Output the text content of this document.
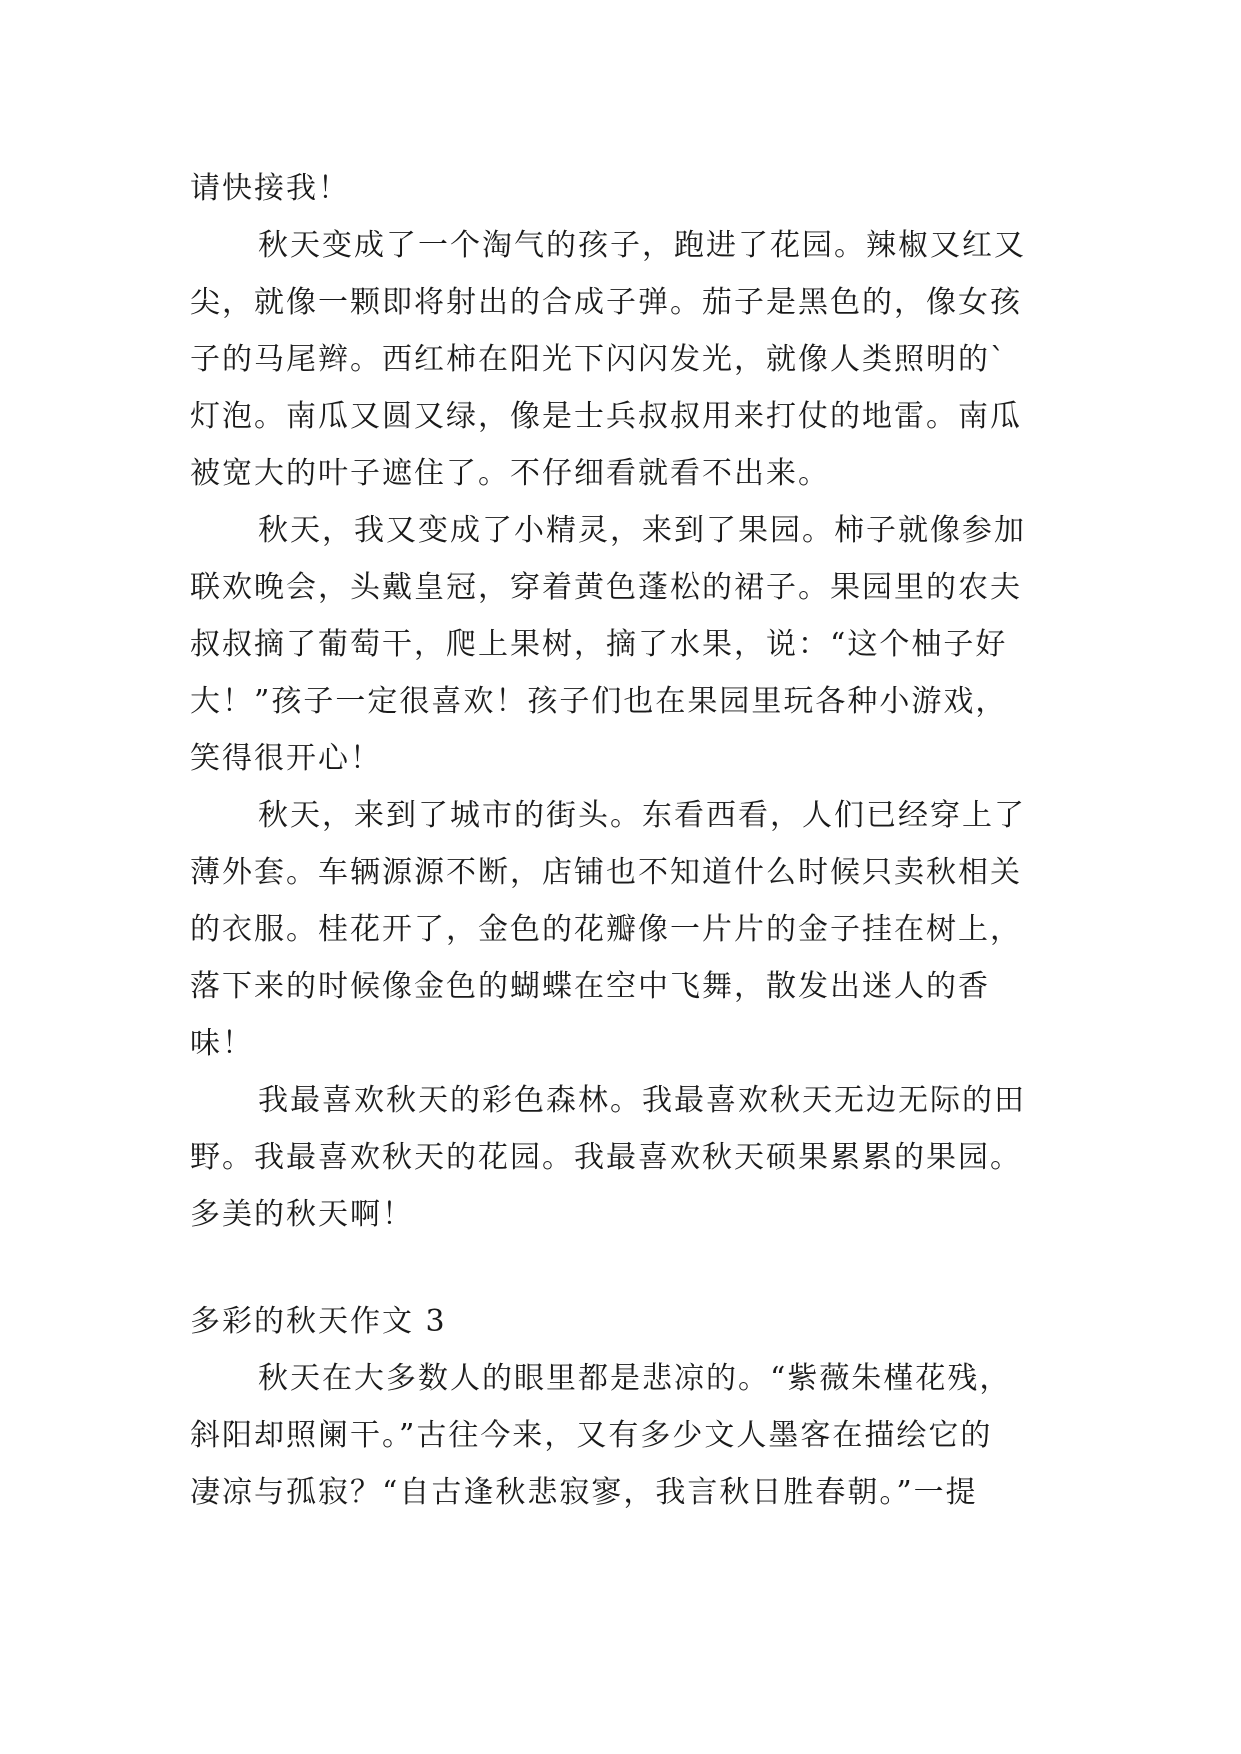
请快接我！
秋天变成了一个淘气的孩子，跑进了花园。辣椒又红又
尖，就像一颗即将射出的合成子弹。茄子是黑色的，像女孩
子的马尾辫。西红柿在阳光下闪闪发光，就像人类照明的`
灯泡。南瓜又圆又绿，像是士兵叔叔用来打仗的地雷。南瓜
被宽大的叶子遮住了。不仔细看就看不出来。
秋天，我又变成了小精灵，来到了果园。柿子就像参加
联欢晚会，头戴皇冠，穿着黄色蓬松的裙子。果园里的农夫
叔叔摘了葡萄干，爬上果树，摘了水果，说：“这个柚子好
大！”孩子一定很喜欢！孩子们也在果园里玩各种小游戏，
笑得很开心！
秋天，来到了城市的街头。东看西看，人们已经穿上了
薄外套。车辆源源不断，店铺也不知道什么时候只卖秋相关
的衣服。桂花开了，金色的花瓣像一片片的金子挂在树上，
落下来的时候像金色的蝴蝶在空中飞舞，散发出迷人的香
味！
我最喜欢秋天的彩色森林。我最喜欢秋天无边无际的田
野。我最喜欢秋天的花园。我最喜欢秋天硕果累累的果园。
多美的秋天啊！
多彩的秋天作文 3
秋天在大多数人的眼里都是悲凉的。“紫薇朱槿花残，
斜阳却照阑干。”古往今来，又有多少文人墨客在描绘它的
凄凉与孤寂？“自古逢秋悲寂寥，我言秋日胜春朝。”一提
